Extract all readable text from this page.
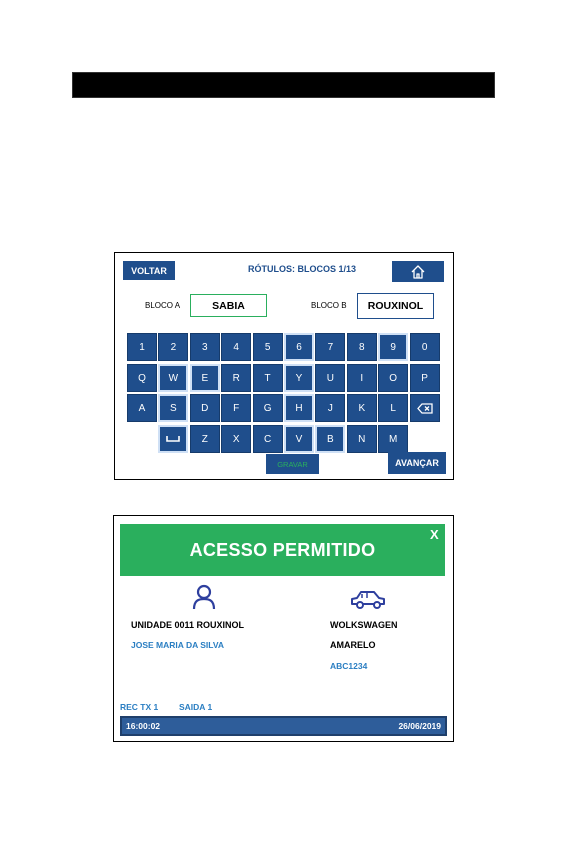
VOLTAR	RÓTULOS: BLOCOS 1/13
BLOCO A	SABIA	BLOCO B	ROUXINOL
1	2	3	4	5	6	7	8	9	0
Q	W	E	R	T	Y	U	I	O	P
A	S	D	F	G	H	J	K	L
Z	X	C	V	B	N	M
GRAVAR	AVANÇAR
ACESSO PERMITIDO
X
UNIDADE 0011 ROUXINOL
JOSE MARIA DA SILVA
WOLKSWAGEN
AMARELO
ABC1234
REC TX 1 SAIDA 1
16:00:02	26/06/2019
